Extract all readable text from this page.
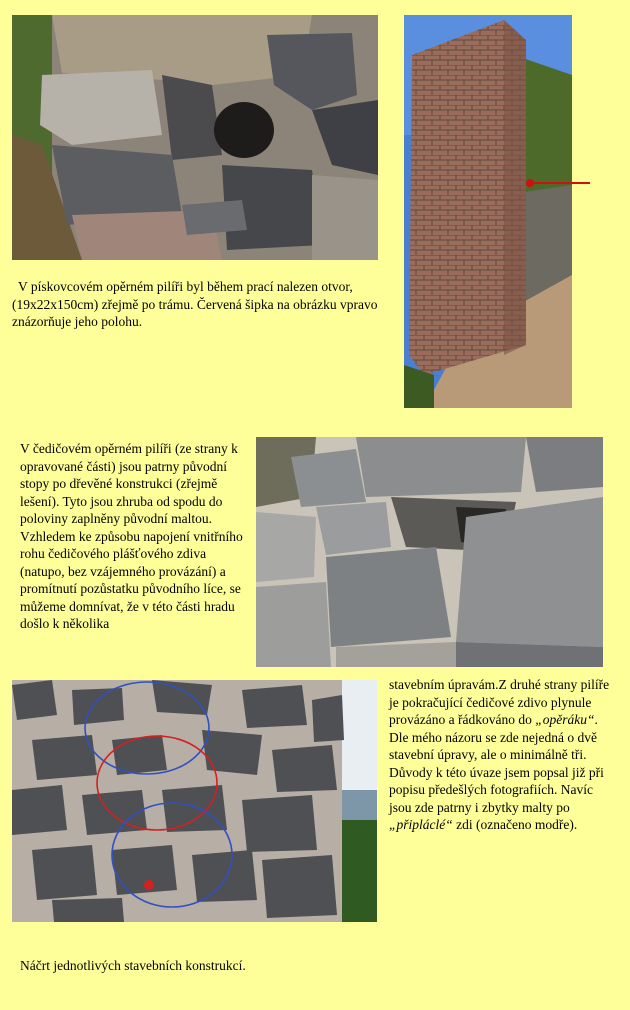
V pískovcovém opěrném pilíři byl během prací nalezen otvor, (19x22x150cm) zřejmě po trámu. Červená šipka na obrázku vpravo znázorňuje jeho polohu.

V čedičovém opěrném pilíři (ze strany k opravované části) jsou patrny původní stopy po dřevěné konstrukci (zřejmě lešení). Tyto jsou zhruba od spodu do poloviny zaplněny původní maltou. Vzhledem ke způsobu napojení vnitřního rohu čedičového plášťového zdiva (natupo, bez vzájemného provázání) a promítnutí pozůstatku původního líce, se můžeme domnívat, že v této části hradu došlo k několika

stavebním úpravám.Z druhé strany pilíře je pokračující čedičové zdivo plynule provázáno a řádkováno do „opěráku“. Dle mého názoru se zde nejedná o dvě stavební úpravy, ale o minimálně tři. Důvody k této úvaze jsem popsal již při popisu předešlých fotografiích. Navíc jsou zde patrny i zbytky malty po „připláclé“ zdi (označeno modře).

Náčrt jednotlivých stavebních konstrukcí.
